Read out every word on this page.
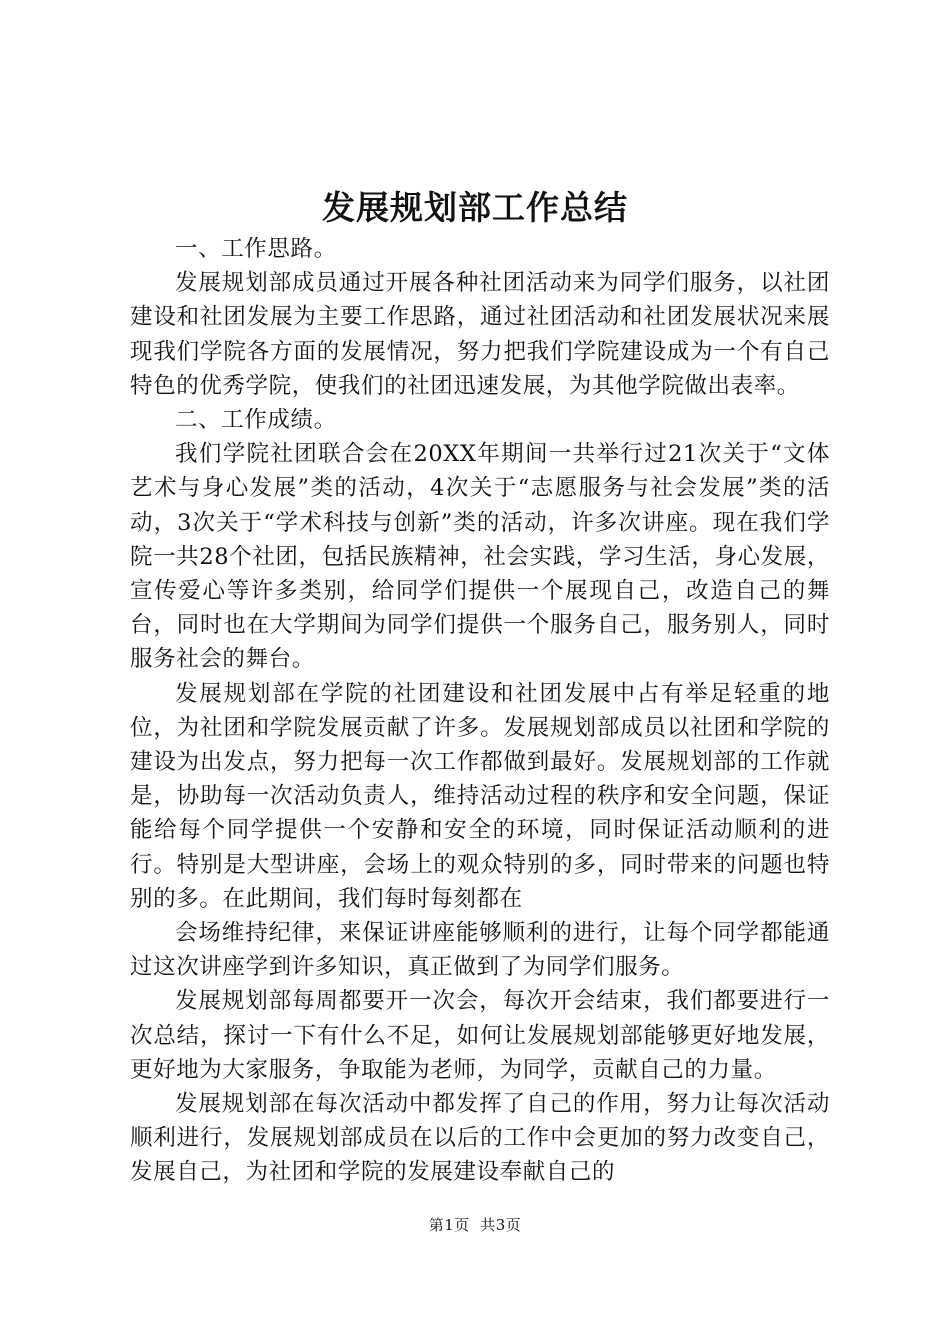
发展规划部工作总结

一、工作思路。

发展规划部成员通过开展各种社团活动来为同学们服务，以社团建设和社团发展为主要工作思路，通过社团活动和社团发展状况来展现我们学院各方面的发展情况，努力把我们学院建设成为一个有自己特色的优秀学院，使我们的社团迅速发展，为其他学院做出表率。

二、工作成绩。

我们学院社团联合会在20XX年期间一共举行过21次关于“文体艺术与身心发展”类的活动，4次关于“志愿服务与社会发展”类的活动，3次关于“学术科技与创新”类的活动，许多次讲座。现在我们学院一共28个社团，包括民族精神，社会实践，学习生活，身心发展，宣传爱心等许多类别，给同学们提供一个展现自己，改造自己的舞台，同时也在大学期间为同学们提供一个服务自己，服务别人，同时服务社会的舞台。

发展规划部在学院的社团建设和社团发展中占有举足轻重的地位，为社团和学院发展贡献了许多。发展规划部成员以社团和学院的建设为出发点，努力把每一次工作都做到最好。发展规划部的工作就是，协助每一次活动负责人，维持活动过程的秩序和安全问题，保证能给每个同学提供一个安静和安全的环境，同时保证活动顺利的进行。特别是大型讲座，会场上的观众特别的多，同时带来的问题也特别的多。在此期间，我们每时每刻都在

会场维持纪律，来保证讲座能够顺利的进行，让每个同学都能通过这次讲座学到许多知识，真正做到了为同学们服务。

发展规划部每周都要开一次会，每次开会结束，我们都要进行一次总结，探讨一下有什么不足，如何让发展规划部能够更好地发展，更好地为大家服务，争取能为老师，为同学，贡献自己的力量。

发展规划部在每次活动中都发挥了自己的作用，努力让每次活动顺利进行，发展规划部成员在以后的工作中会更加的努力改变自己，发展自己，为社团和学院的发展建设奉献自己的

第1页  共3页
